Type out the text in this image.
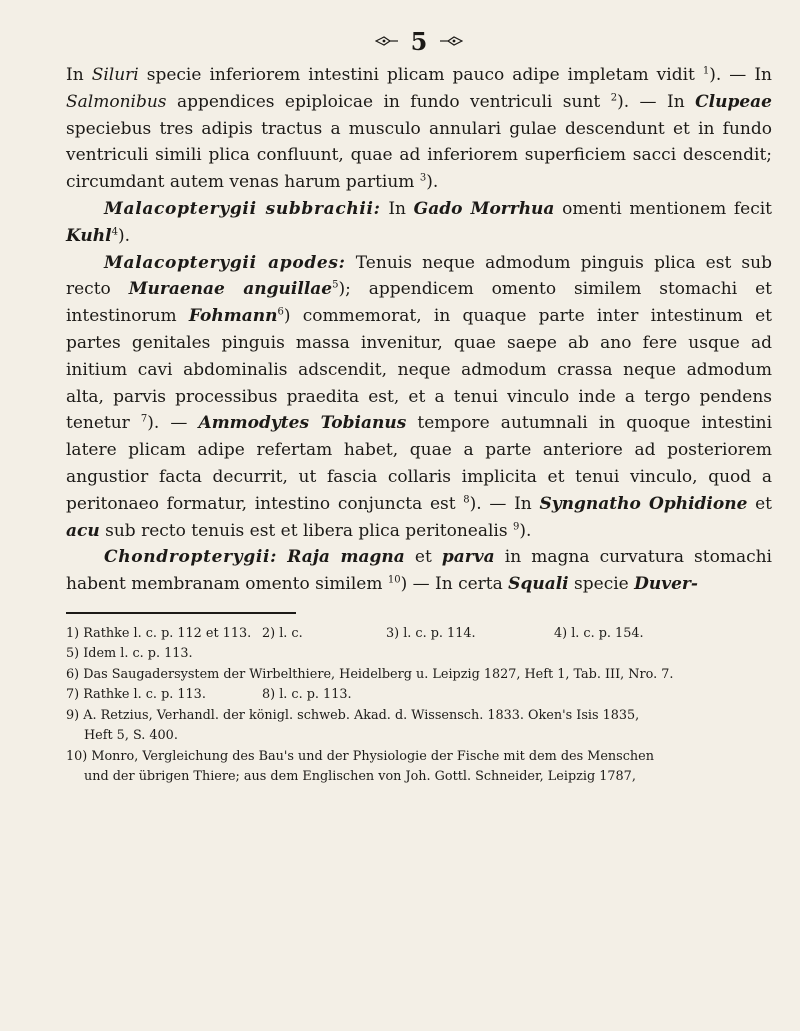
5

In Siluri specie inferiorem intestini plicam pauco adipe impletam vidit $^1$). — In Salmonibus appendices epiploicae in fundo ventriculi sunt $^2$). — In Clupeae speciebus tres adipis tractus a musculo annulari gulae descendunt et in fundo ventriculi simili plica confluunt, quae ad inferiorem superficiem sacci descendit; circumdant autem venas harum partium $^3$).

Malacopterygii subbrachii: In Gado Morrhua omenti mentionem fecit Kuhl$^4$).

Malacopterygii apodes: Tenuis neque admodum pinguis plica est sub recto Muraenae anguillae$^5$); appendicem omento similem stomachi et intestinorum Fohmann$^6$) commemorat, in quaque parte inter intestinum et partes genitales pinguis massa invenitur, quae saepe ab ano fere usque ad initium cavi abdominalis adscendit, neque admodum crassa neque admodum alta, parvis processibus praedita est, et a tenui vinculo inde a tergo pendens tenetur $^7$). — Ammodytes Tobianus tempore autumnali in quoque intestini latere plicam adipe refertam habet, quae a parte anteriore ad posteriorem angustior facta decurrit, ut fascia collaris implicita et tenui vinculo, quod a peritonaeo formatur, intestino conjuncta est $^8$). — In Syngnatho Ophidione et acu sub recto tenuis est et libera plica peritonealis $^9$).

Chondropterygii: Raja magna et parva in magna curvatura stomachi habent membranam omento similem $^{10}$) — In certa Squali specie Duver-

1) Rathke l. c. p. 112 et 113. 2) l. c.	3) l. c. p. 114.	4) l. c. p. 154.
5) Idem l. c. p. 113.
6) Das Saugadersystem der Wirbelthiere, Heidelberg u. Leipzig 1827, Heft 1, Tab. III, Nro. 7.
7) Rathke l. c. p. 113.	8) l. c. p. 113.
9) A. Retzius, Verhandl. der königl. schweb. Akad. d. Wissensch. 1833. Oken's Isis 1835,
Heft 5, S. 400.
10) Monro, Vergleichung des Bau's und der Physiologie der Fische mit dem des Menschen
und der übrigen Thiere; aus dem Englischen von Joh. Gottl. Schneider, Leipzig 1787,
